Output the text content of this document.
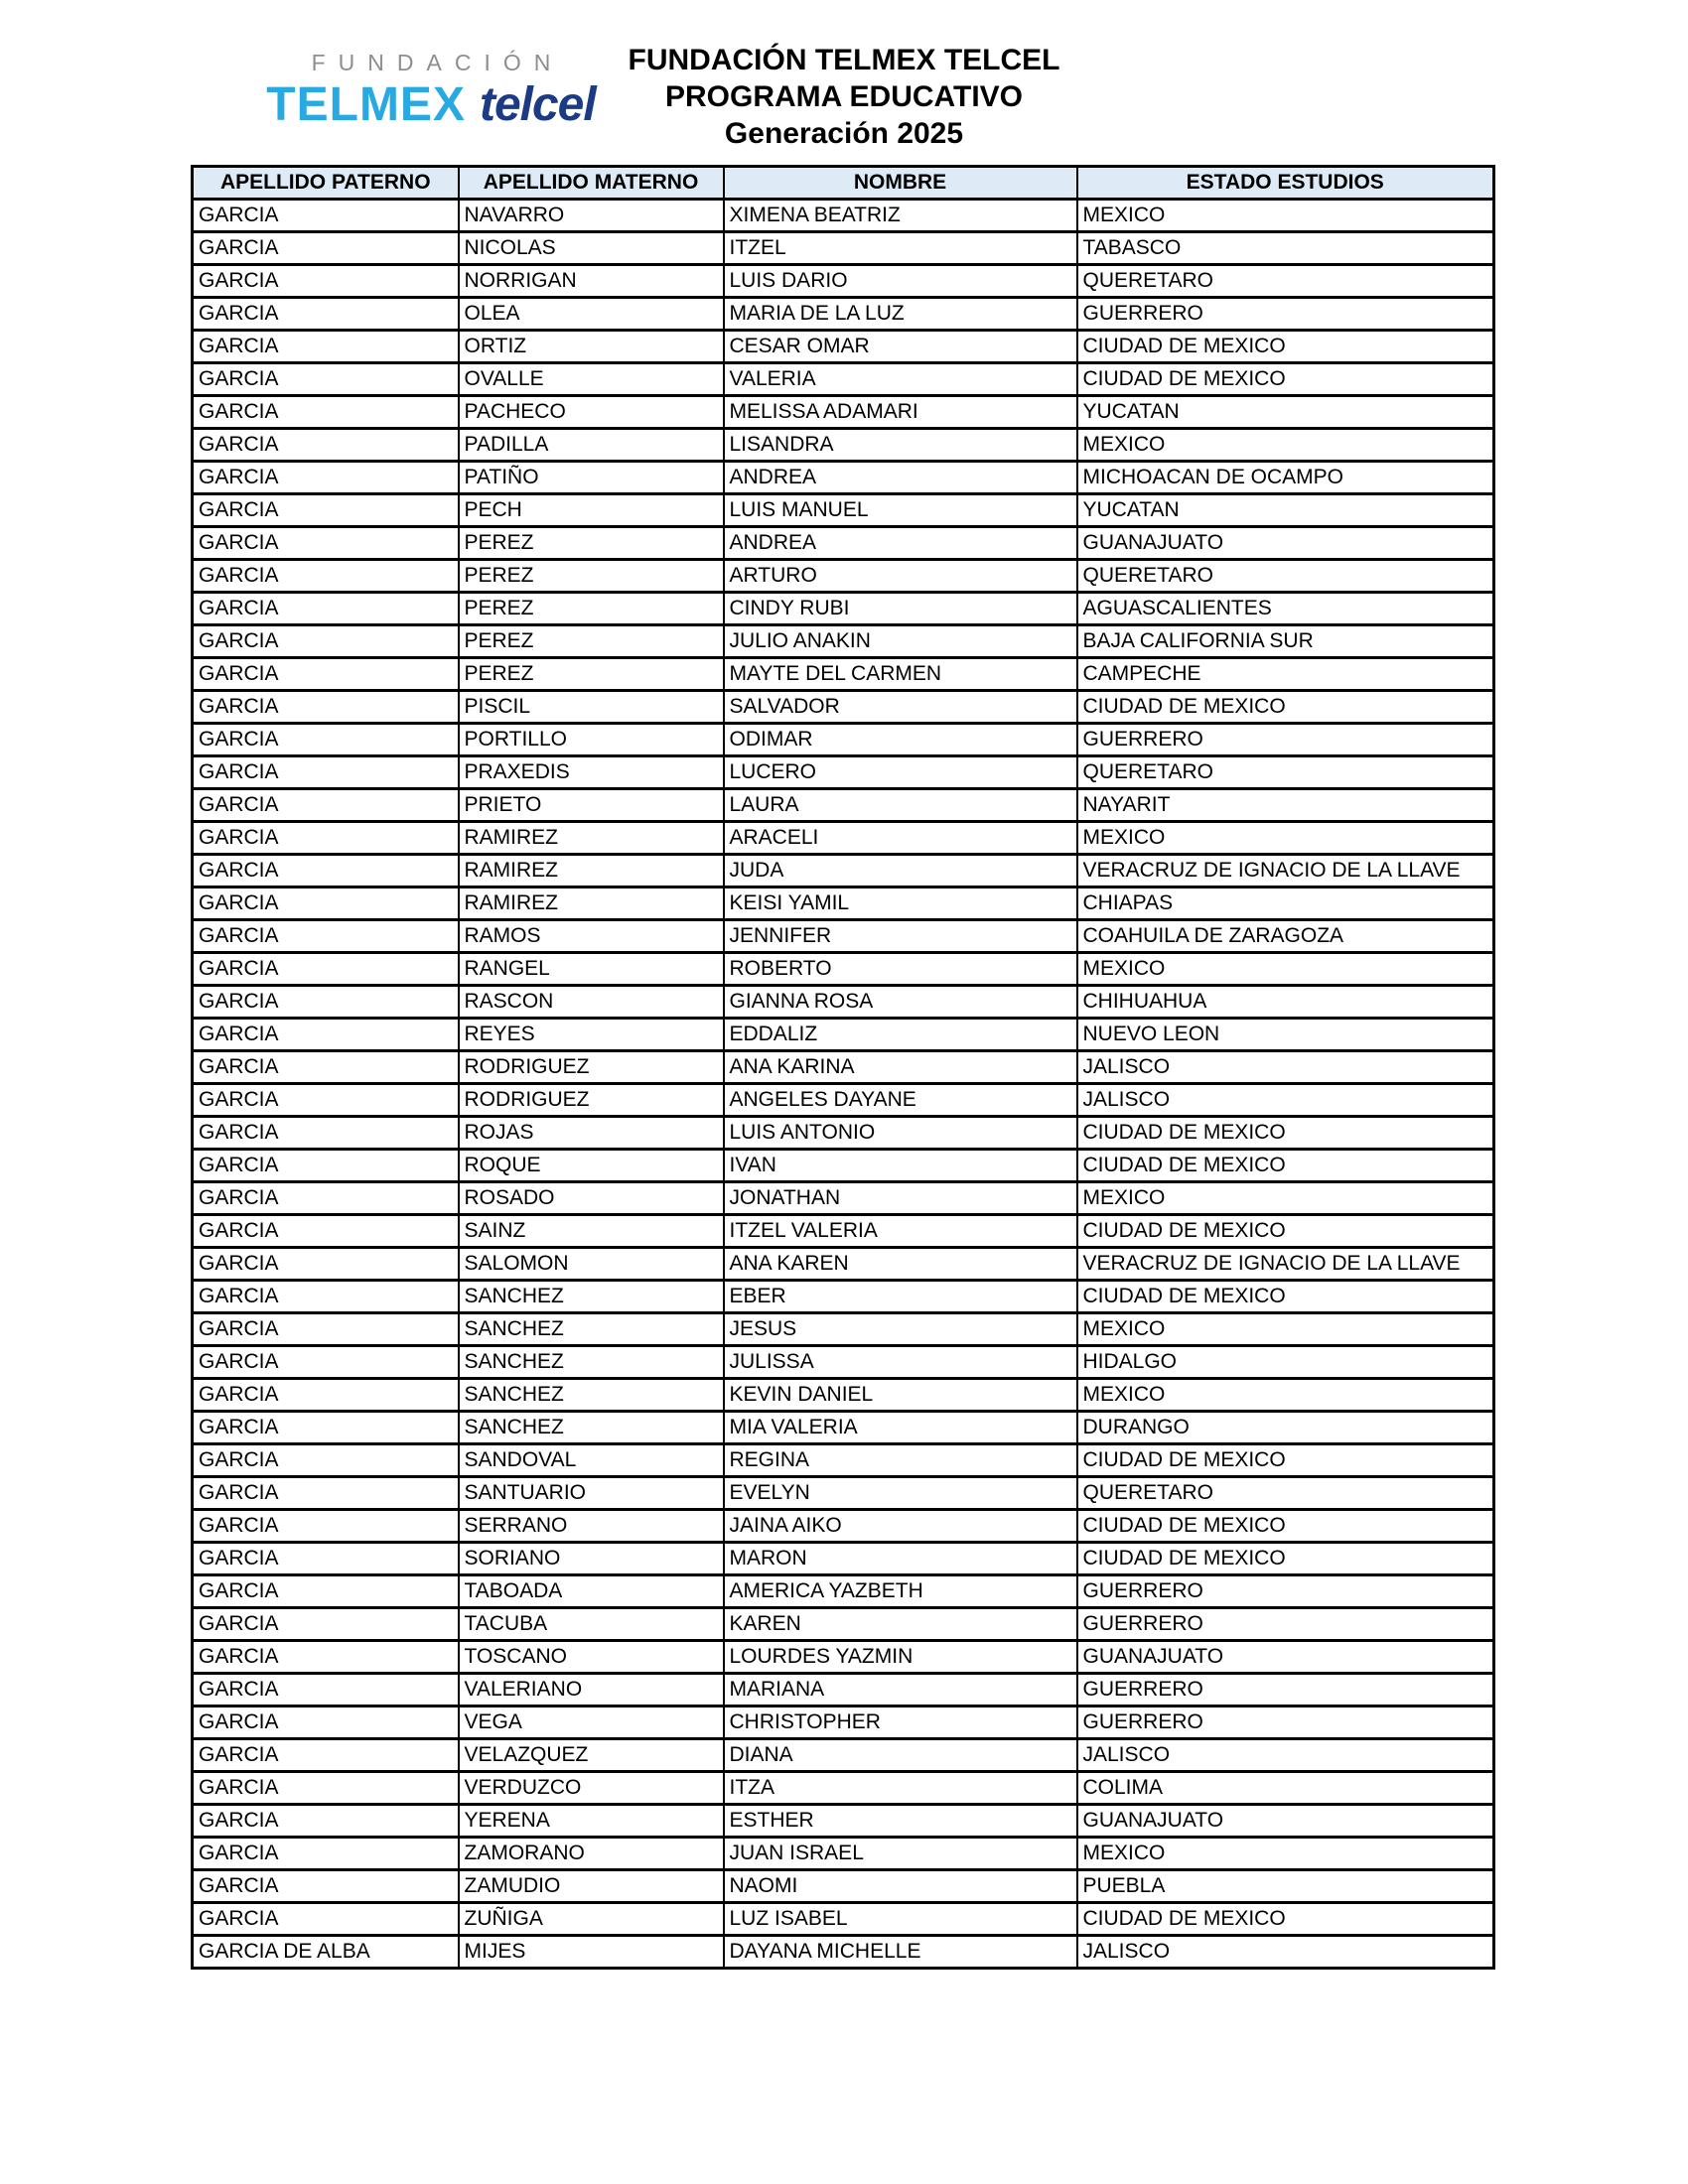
FUNDACIÓN
TELMEX telcel
FUNDACIÓN TELMEX TELCEL
PROGRAMA EDUCATIVO
Generación 2025
APELLIDO PATERNO	APELLIDO MATERNO	NOMBRE	ESTADO ESTUDIOS
GARCIA	NAVARRO	XIMENA BEATRIZ	MEXICO
GARCIA	NICOLAS	ITZEL	TABASCO
GARCIA	NORRIGAN	LUIS DARIO	QUERETARO
GARCIA	OLEA	MARIA DE LA LUZ	GUERRERO
GARCIA	ORTIZ	CESAR OMAR	CIUDAD DE MEXICO
GARCIA	OVALLE	VALERIA	CIUDAD DE MEXICO
GARCIA	PACHECO	MELISSA ADAMARI	YUCATAN
GARCIA	PADILLA	LISANDRA	MEXICO
GARCIA	PATIÑO	ANDREA	MICHOACAN DE OCAMPO
GARCIA	PECH	LUIS MANUEL	YUCATAN
GARCIA	PEREZ	ANDREA	GUANAJUATO
GARCIA	PEREZ	ARTURO	QUERETARO
GARCIA	PEREZ	CINDY RUBI	AGUASCALIENTES
GARCIA	PEREZ	JULIO ANAKIN	BAJA CALIFORNIA SUR
GARCIA	PEREZ	MAYTE DEL CARMEN	CAMPECHE
GARCIA	PISCIL	SALVADOR	CIUDAD DE MEXICO
GARCIA	PORTILLO	ODIMAR	GUERRERO
GARCIA	PRAXEDIS	LUCERO	QUERETARO
GARCIA	PRIETO	LAURA	NAYARIT
GARCIA	RAMIREZ	ARACELI	MEXICO
GARCIA	RAMIREZ	JUDA	VERACRUZ DE IGNACIO DE LA LLAVE
GARCIA	RAMIREZ	KEISI YAMIL	CHIAPAS
GARCIA	RAMOS	JENNIFER	COAHUILA DE ZARAGOZA
GARCIA	RANGEL	ROBERTO	MEXICO
GARCIA	RASCON	GIANNA ROSA	CHIHUAHUA
GARCIA	REYES	EDDALIZ	NUEVO LEON
GARCIA	RODRIGUEZ	ANA KARINA	JALISCO
GARCIA	RODRIGUEZ	ANGELES DAYANE	JALISCO
GARCIA	ROJAS	LUIS ANTONIO	CIUDAD DE MEXICO
GARCIA	ROQUE	IVAN	CIUDAD DE MEXICO
GARCIA	ROSADO	JONATHAN	MEXICO
GARCIA	SAINZ	ITZEL VALERIA	CIUDAD DE MEXICO
GARCIA	SALOMON	ANA KAREN	VERACRUZ DE IGNACIO DE LA LLAVE
GARCIA	SANCHEZ	EBER	CIUDAD DE MEXICO
GARCIA	SANCHEZ	JESUS	MEXICO
GARCIA	SANCHEZ	JULISSA	HIDALGO
GARCIA	SANCHEZ	KEVIN DANIEL	MEXICO
GARCIA	SANCHEZ	MIA VALERIA	DURANGO
GARCIA	SANDOVAL	REGINA	CIUDAD DE MEXICO
GARCIA	SANTUARIO	EVELYN	QUERETARO
GARCIA	SERRANO	JAINA AIKO	CIUDAD DE MEXICO
GARCIA	SORIANO	MARON	CIUDAD DE MEXICO
GARCIA	TABOADA	AMERICA YAZBETH	GUERRERO
GARCIA	TACUBA	KAREN	GUERRERO
GARCIA	TOSCANO	LOURDES YAZMIN	GUANAJUATO
GARCIA	VALERIANO	MARIANA	GUERRERO
GARCIA	VEGA	CHRISTOPHER	GUERRERO
GARCIA	VELAZQUEZ	DIANA	JALISCO
GARCIA	VERDUZCO	ITZA	COLIMA
GARCIA	YERENA	ESTHER	GUANAJUATO
GARCIA	ZAMORANO	JUAN ISRAEL	MEXICO
GARCIA	ZAMUDIO	NAOMI	PUEBLA
GARCIA	ZUÑIGA	LUZ ISABEL	CIUDAD DE MEXICO
GARCIA DE ALBA	MIJES	DAYANA MICHELLE	JALISCO
